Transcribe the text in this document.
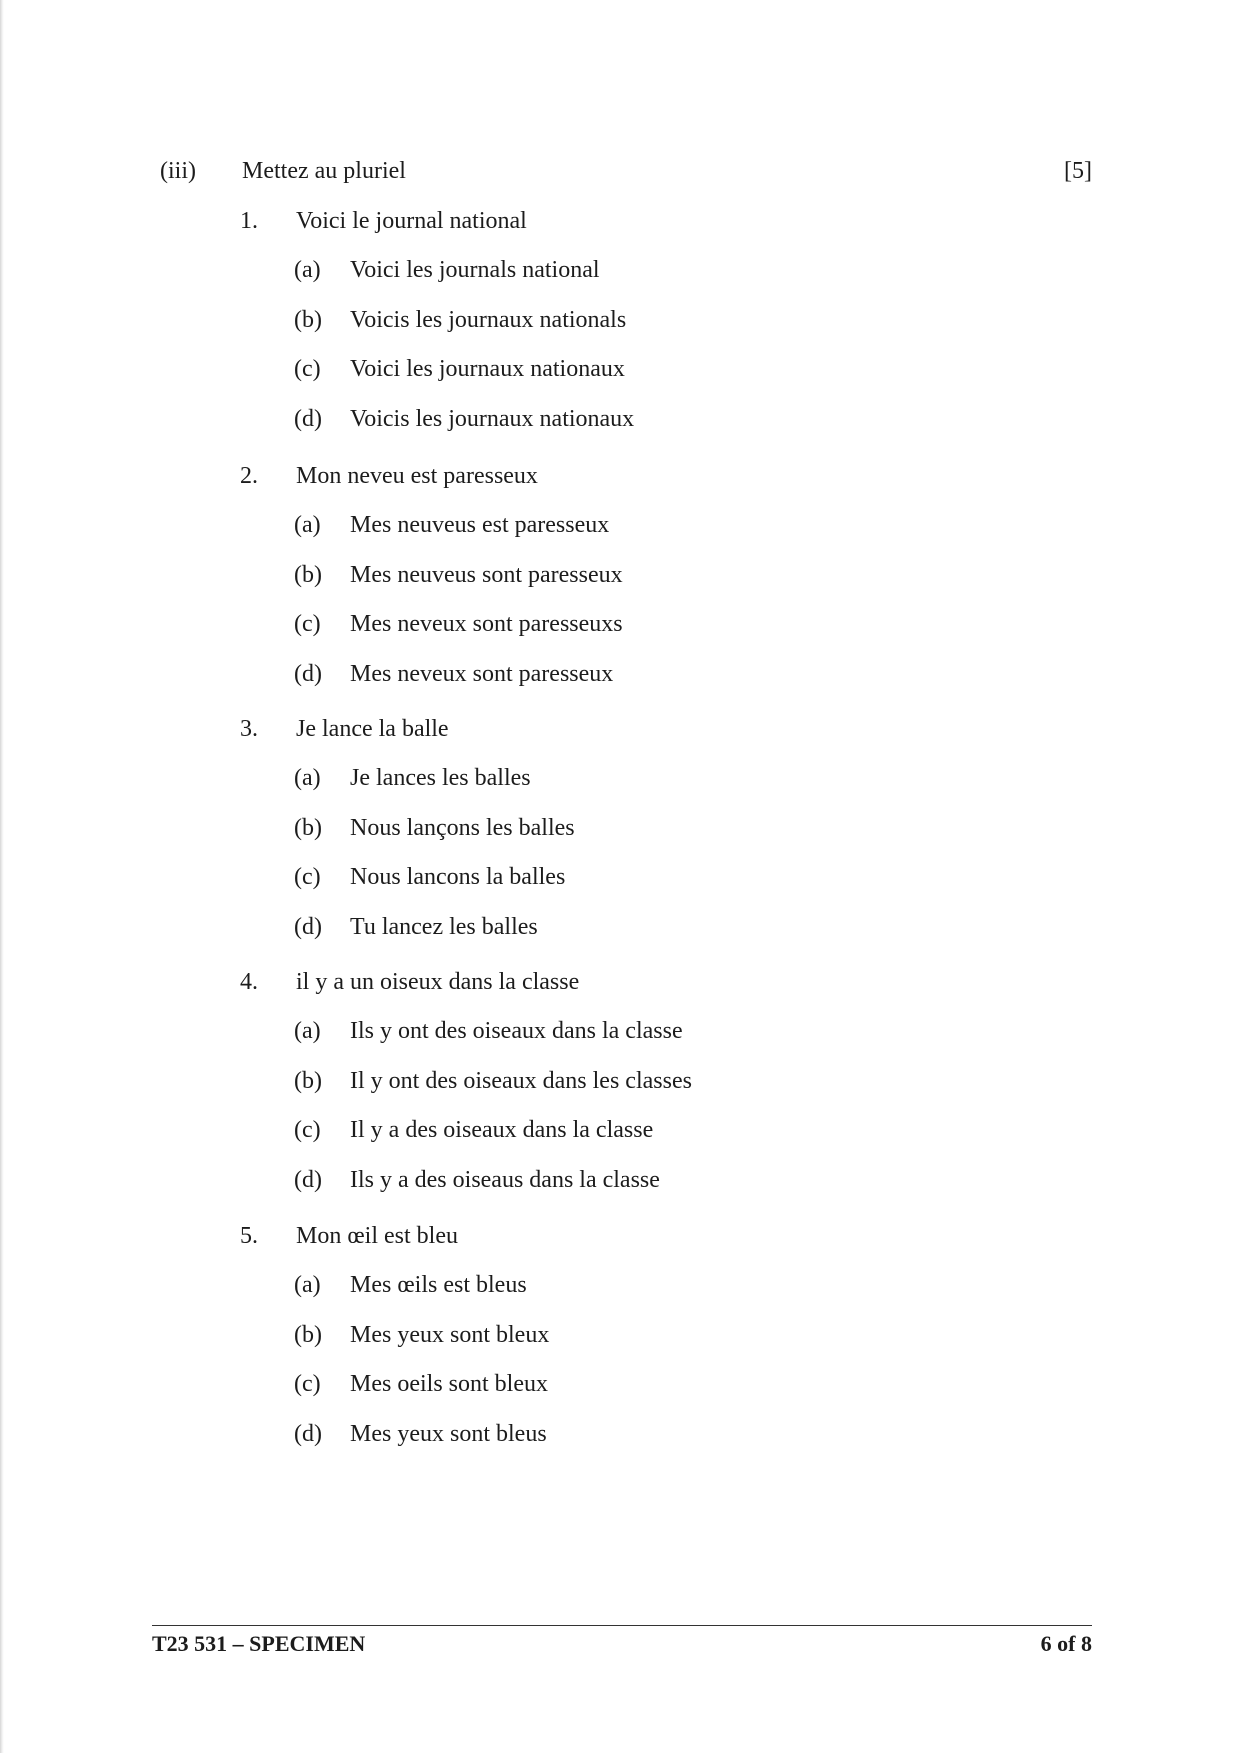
(iii) Mettez au pluriel	[5]
1.	Voici le journal national
(a)	Voici les journals national
(b)	Voicis les journaux nationals
(c)	Voici les journaux nationaux
(d)	Voicis les journaux nationaux
2.	Mon neveu est paresseux
(a)	Mes neuveus est paresseux
(b)	Mes neuveus sont paresseux
(c)	Mes neveux sont paresseuxs
(d)	Mes neveux sont paresseux
3.	Je lance la balle
(a)	Je lances les balles
(b)	Nous lançons les balles
(c)	Nous lancons la balles
(d)	Tu lancez les balles
4.	il y a un oiseux dans la classe
(a)	Ils y ont des oiseaux dans la classe
(b)	Il y ont des oiseaux dans les classes
(c)	Il y a des oiseaux dans la classe
(d)	Ils y a des oiseaus dans la classe
5.	Mon œil est bleu
(a)	Mes œils est bleus
(b)	Mes yeux sont bleux
(c)	Mes oeils sont bleux
(d)	Mes yeux sont bleus
T23 531 – SPECIMEN	6 of 8
